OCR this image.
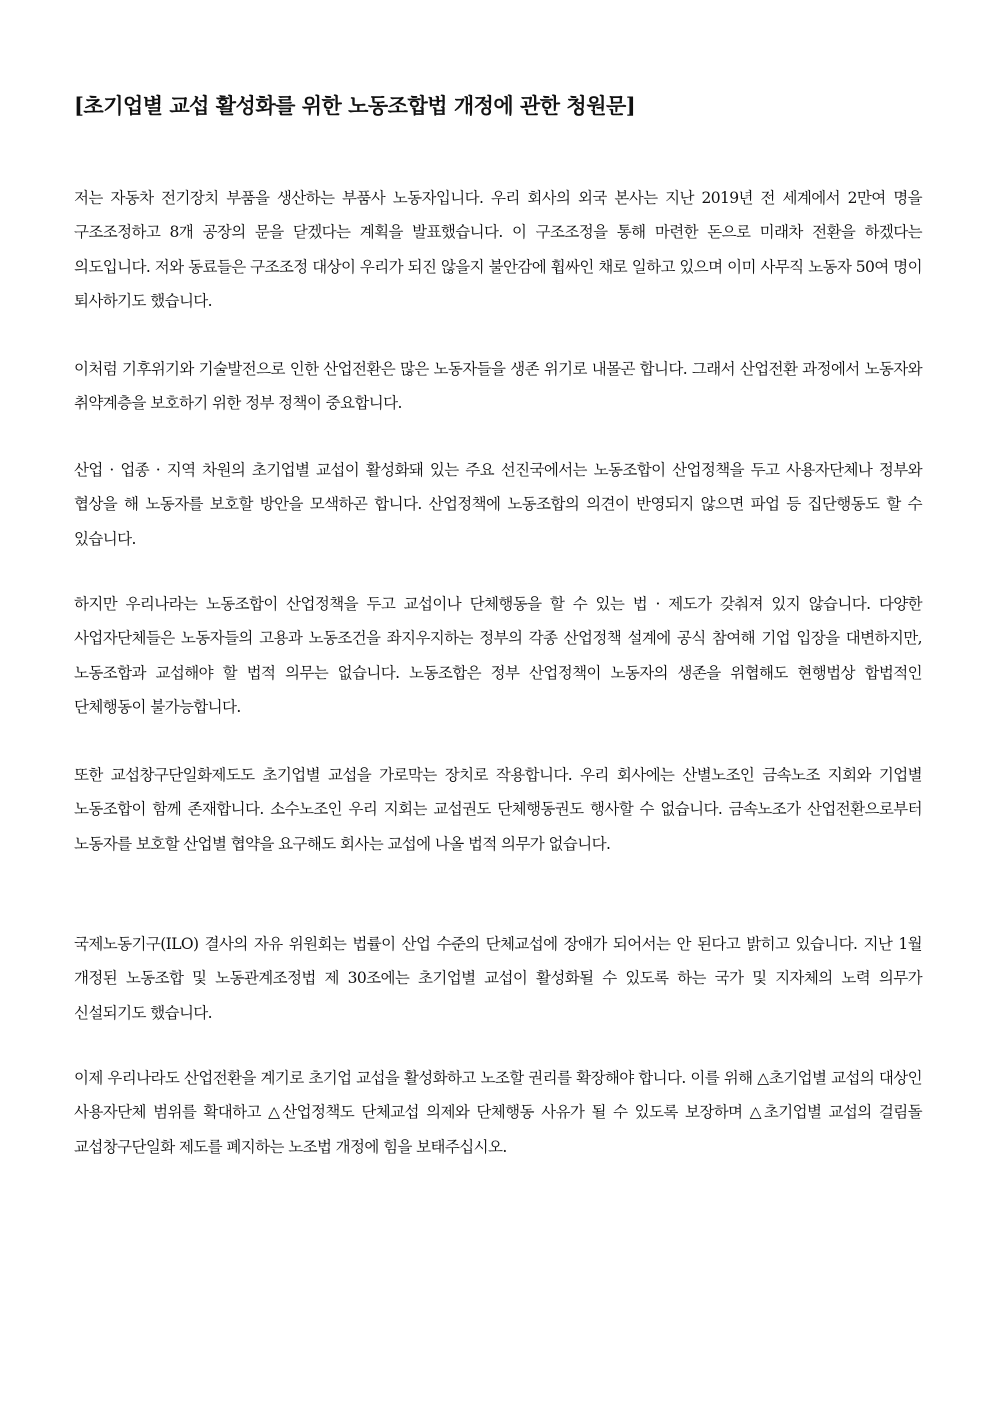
[초기업별 교섭 활성화를 위한 노동조합법 개정에 관한 청원문]

저는 자동차 전기장치 부품을 생산하는 부품사 노동자입니다. 우리 회사의 외국 본사는 지난 2019년 전 세계에서 2만여 명을 구조조정하고 8개 공장의 문을 닫겠다는 계획을 발표했습니다. 이 구조조정을 통해 마련한 돈으로 미래차 전환을 하겠다는 의도입니다. 저와 동료들은 구조조정 대상이 우리가 되진 않을지 불안감에 휩싸인 채로 일하고 있으며 이미 사무직 노동자 50여 명이 퇴사하기도 했습니다.

이처럼 기후위기와 기술발전으로 인한 산업전환은 많은 노동자들을 생존 위기로 내몰곤 합니다. 그래서 산업전환 과정에서 노동자와 취약계층을 보호하기 위한 정부 정책이 중요합니다.

산업 · 업종 · 지역 차원의 초기업별 교섭이 활성화돼 있는 주요 선진국에서는 노동조합이 산업정책을 두고 사용자단체나 정부와 협상을 해 노동자를 보호할 방안을 모색하곤 합니다. 산업정책에 노동조합의 의견이 반영되지 않으면 파업 등 집단행동도 할 수 있습니다.

하지만 우리나라는 노동조합이 산업정책을 두고 교섭이나 단체행동을 할 수 있는 법 · 제도가 갖춰져 있지 않습니다. 다양한 사업자단체들은 노동자들의 고용과 노동조건을 좌지우지하는 정부의 각종 산업정책 설계에 공식 참여해 기업 입장을 대변하지만, 노동조합과 교섭해야 할 법적 의무는 없습니다. 노동조합은 정부 산업정책이 노동자의 생존을 위협해도 현행법상 합법적인 단체행동이 불가능합니다.

또한 교섭창구단일화제도도 초기업별 교섭을 가로막는 장치로 작용합니다. 우리 회사에는 산별노조인 금속노조 지회와 기업별 노동조합이 함께 존재합니다. 소수노조인 우리 지회는 교섭권도 단체행동권도 행사할 수 없습니다. 금속노조가 산업전환으로부터 노동자를 보호할 산업별 협약을 요구해도 회사는 교섭에 나올 법적 의무가 없습니다.

국제노동기구(ILO) 결사의 자유 위원회는 법률이 산업 수준의 단체교섭에 장애가 되어서는 안 된다고 밝히고 있습니다. 지난 1월 개정된 노동조합 및 노동관계조정법 제 30조에는 초기업별 교섭이 활성화될 수 있도록 하는 국가 및 지자체의 노력 의무가 신설되기도 했습니다.

이제 우리나라도 산업전환을 계기로 초기업 교섭을 활성화하고 노조할 권리를 확장해야 합니다. 이를 위해 △초기업별 교섭의 대상인 사용자단체 범위를 확대하고 △산업정책도 단체교섭 의제와 단체행동 사유가 될 수 있도록 보장하며 △초기업별 교섭의 걸림돌 교섭창구단일화 제도를 폐지하는 노조법 개정에 힘을 보태주십시오.
